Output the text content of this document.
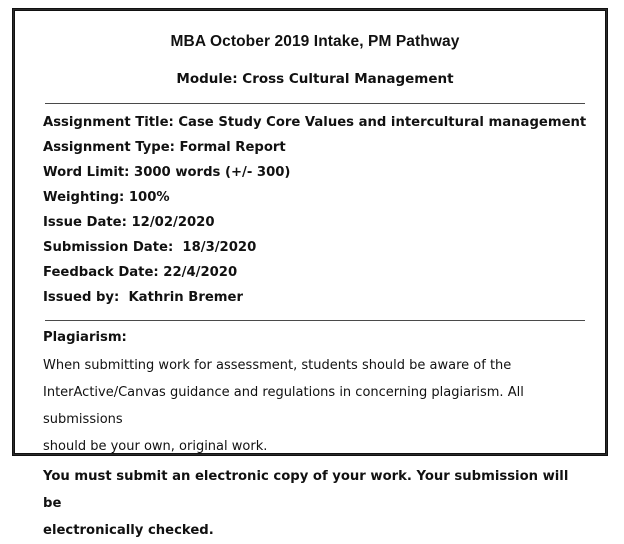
MBA October 2019 Intake, PM Pathway
Module: Cross Cultural Management
Assignment Title: Case Study Core Values and intercultural management
Assignment Type: Formal Report
Word Limit: 3000 words (+/- 300)
Weighting: 100%
Issue Date: 12/02/2020
Submission Date:  18/3/2020
Feedback Date: 22/4/2020
Issued by:  Kathrin Bremer
Plagiarism:

When submitting work for assessment, students should be aware of the

InterActive/Canvas guidance and regulations in concerning plagiarism. All submissions

should be your own, original work.

You must submit an electronic copy of your work. Your submission will be

electronically checked.
